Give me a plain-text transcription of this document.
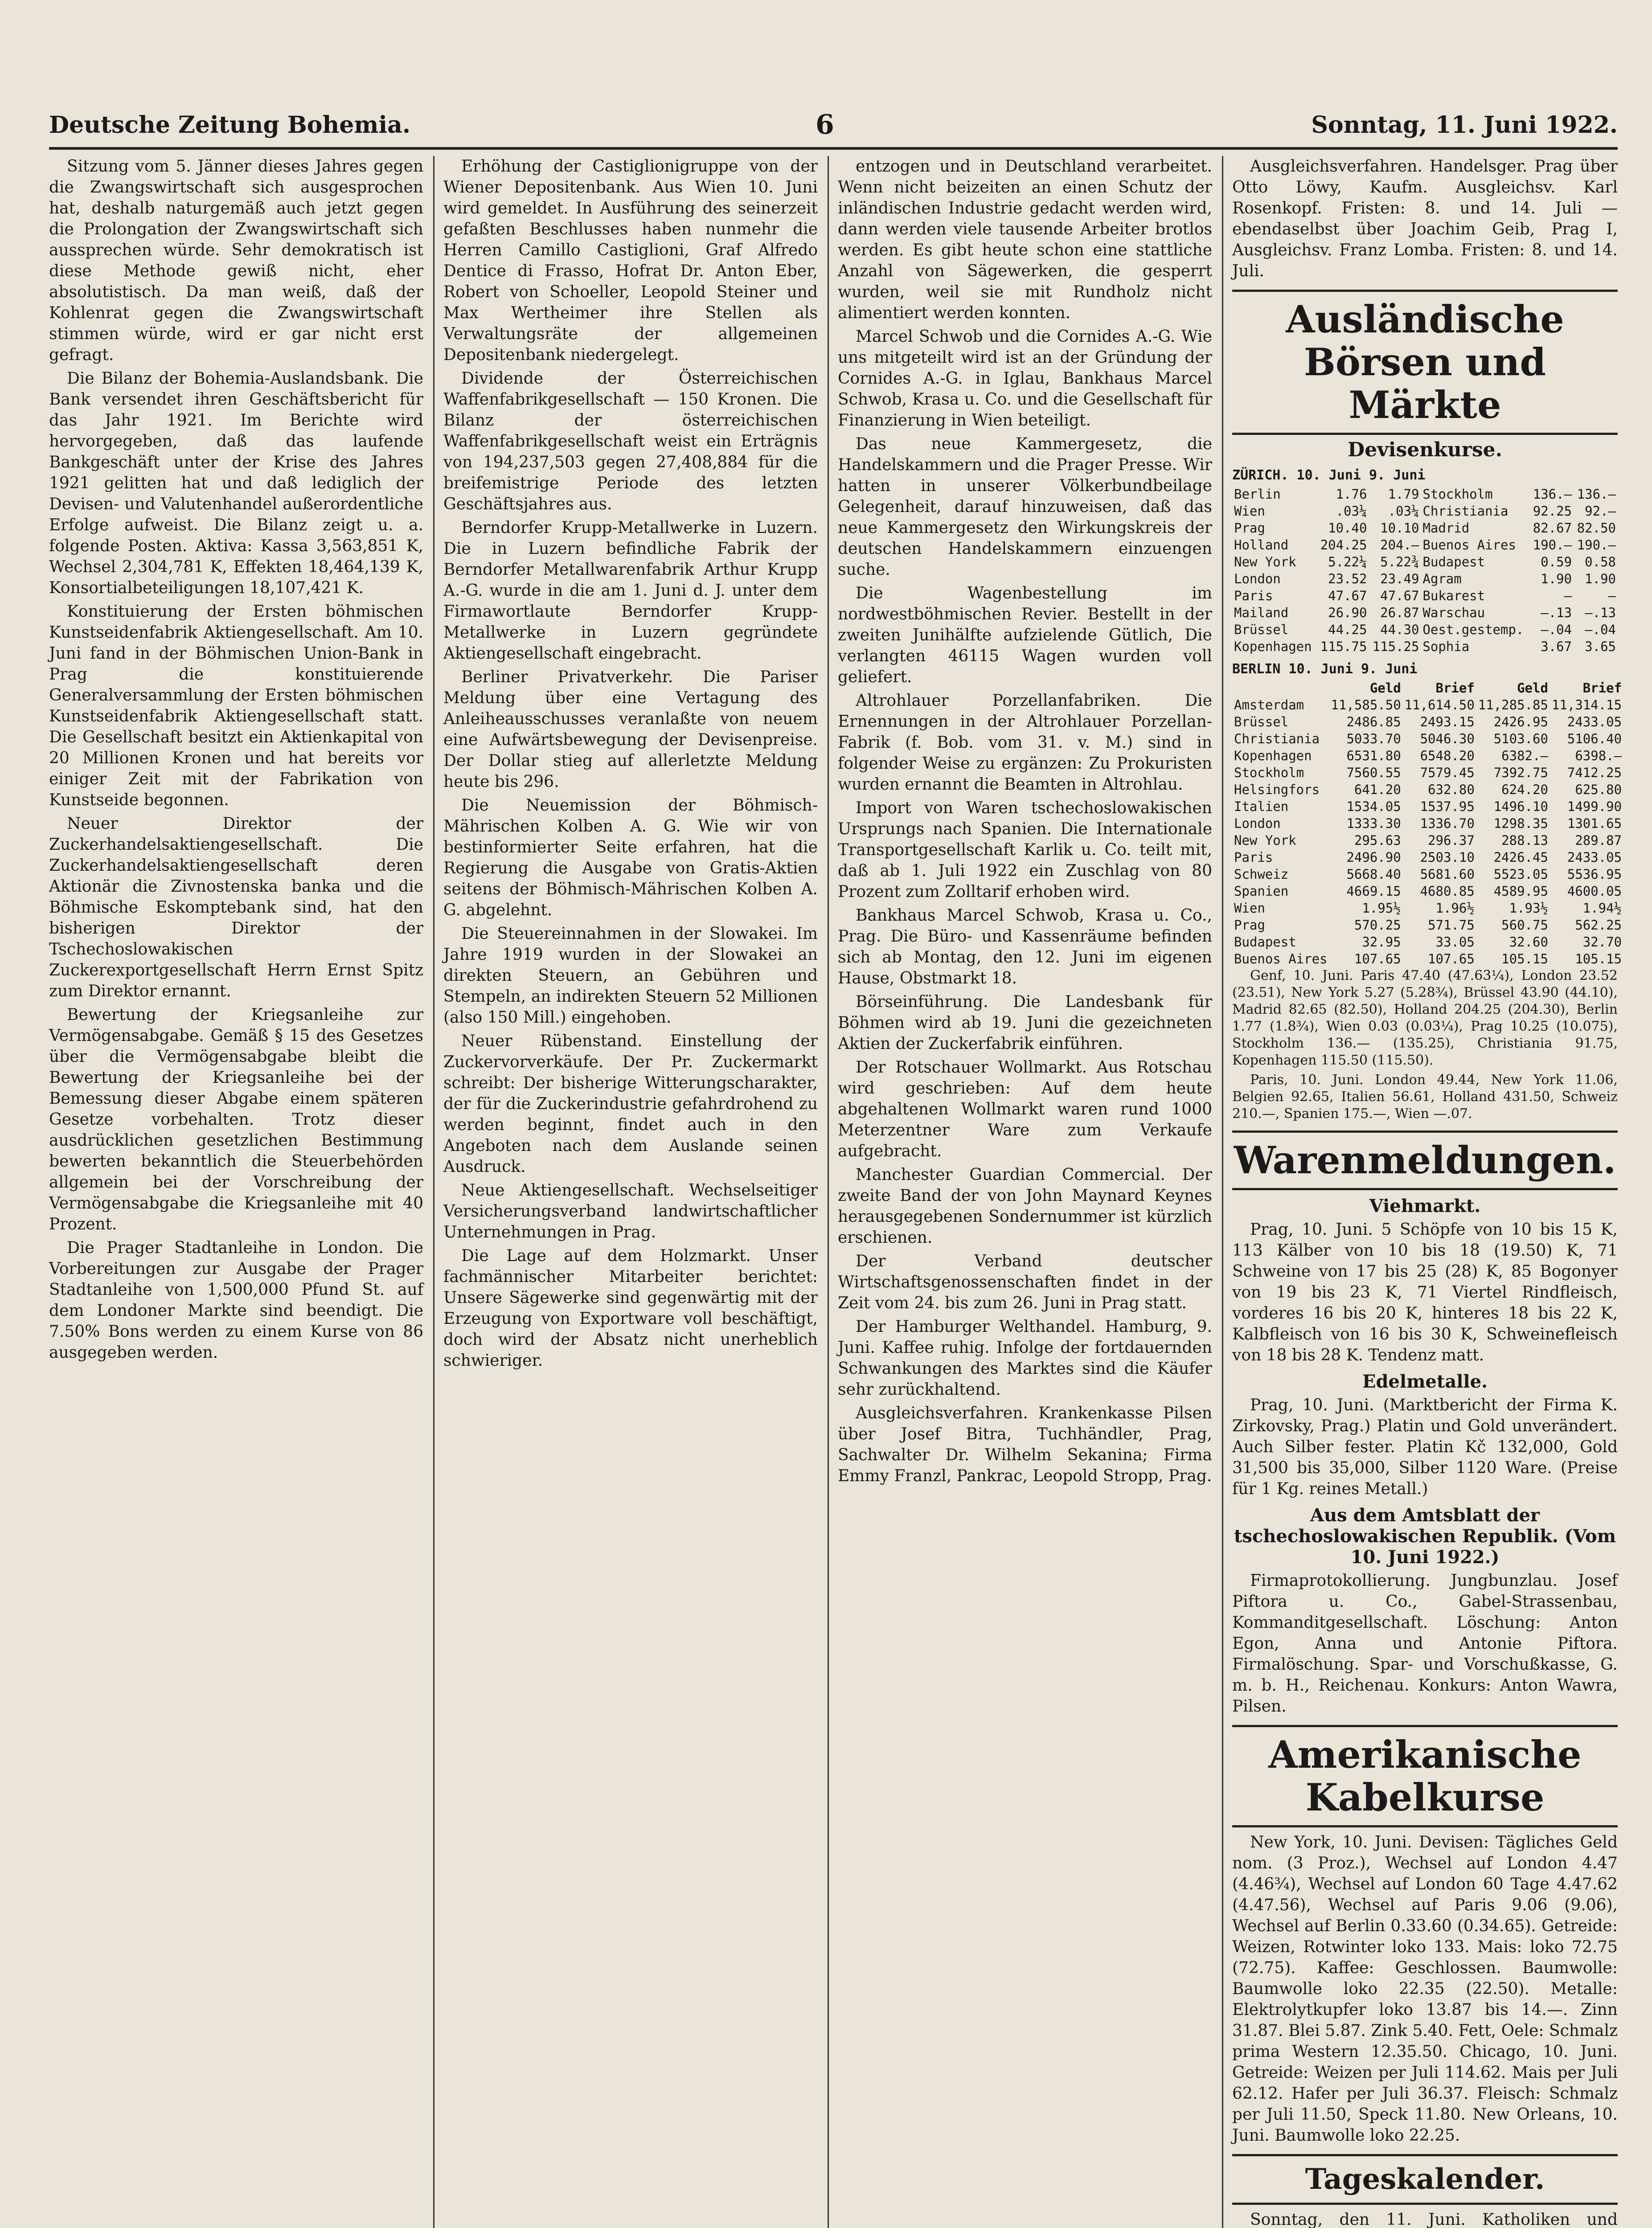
Deutsche Zeitung Bohemia.	6	Sonntag, 11. Juni 1922.

Sitzung vom 5. Jänner dieses Jahres gegen die Zwangswirtschaft sich ausgesprochen hat, deshalb naturgemäß auch jetzt gegen die Prolongation der Zwangswirtschaft sich aussprechen würde. Sehr demokratisch ist diese Methode gewiß nicht, eher absolutistisch. Da man weiß, daß der Kohlenrat gegen die Zwangswirtschaft stimmen würde, wird er gar nicht erst gefragt.

Die Bilanz der Bohemia-Auslandsbank. Die Bank versendet ihren Geschäftsbericht für das Jahr 1921. Im Berichte wird hervorgegeben, daß das laufende Bankgeschäft unter der Krise des Jahres 1921 gelitten hat und daß lediglich der Devisen- und Valutenhandel außerordentliche Erfolge aufweist. Die Bilanz zeigt u. a. folgende Posten. Aktiva: Kassa 3,563,851 K, Wechsel 2,304,781 K, Effekten 18,464,139 K, Konsortialbeteiligungen 18,107,421 K.

Konstituierung der Ersten böhmischen Kunstseidenfabrik Aktiengesellschaft. Am 10. Juni fand in der Böhmischen Union-Bank in Prag die konstituierende Generalversammlung der Ersten böhmischen Kunstseidenfabrik Aktiengesellschaft statt. Die Gesellschaft besitzt ein Aktienkapital von 20 Millionen Kronen und hat bereits vor einiger Zeit mit der Fabrikation von Kunstseide begonnen.

Neuer Direktor der Zuckerhandelsaktiengesellschaft. Die Zuckerhandelsaktiengesellschaft deren Aktionär die Zivnostenska banka und die Böhmische Eskomptebank sind, hat den bisherigen Direktor der Tschechoslowakischen Zuckerexportgesellschaft Herrn Ernst Spitz zum Direktor ernannt.

Bewertung der Kriegsanleihe zur Vermögensabgabe. Gemäß § 15 des Gesetzes über die Vermögensabgabe bleibt die Bewertung der Kriegsanleihe bei der Bemessung dieser Abgabe einem späteren Gesetze vorbehalten. Trotz dieser ausdrücklichen gesetzlichen Bestimmung bewerten bekanntlich die Steuerbehörden allgemein bei der Vorschreibung der Vermögensabgabe die Kriegsanleihe mit 40 Prozent.

Die Prager Stadtanleihe in London. Die Vorbereitungen zur Ausgabe der Prager Stadtanleihe von 1,500,000 Pfund St. auf dem Londoner Markte sind beendigt. Die 7.50% Bons werden zu einem Kurse von 86 ausgegeben werden.

Erhöhung der Castiglionigruppe von der Wiener Depositenbank. Aus Wien 10. Juni wird gemeldet. In Ausführung des seinerzeit gefaßten Beschlusses haben nunmehr die Herren Camillo Castiglioni, Graf Alfredo Dentice di Frasso, Hofrat Dr. Anton Eber, Robert von Schoeller, Leopold Steiner und Max Wertheimer ihre Stellen als Verwaltungsräte der allgemeinen Depositenbank niedergelegt.

Dividende der Österreichischen Waffenfabrikgesellschaft — 150 Kronen. Die Bilanz der österreichischen Waffenfabrikgesellschaft weist ein Erträgnis von 194,237,503 gegen 27,408,884 für die breifemistrige Periode des letzten Geschäftsjahres aus.

Berndorfer Krupp-Metallwerke in Luzern. Die in Luzern befindliche Fabrik der Berndorfer Metallwarenfabrik Arthur Krupp A.-G. wurde in die am 1. Juni d. J. unter dem Firmawortlaute Berndorfer Krupp-Metallwerke in Luzern gegründete Aktiengesellschaft eingebracht.

Berliner Privatverkehr. Die Pariser Meldung über eine Vertagung des Anleiheausschusses veranlaßte von neuem eine Aufwärtsbewegung der Devisenpreise. Der Dollar stieg auf allerletzte Meldung heute bis 296.

Die Neuemission der Böhmisch-Mährischen Kolben A. G. Wie wir von bestinformierter Seite erfahren, hat die Regierung die Ausgabe von Gratis-Aktien seitens der Böhmisch-Mährischen Kolben A. G. abgelehnt.

Die Steuereinnahmen in der Slowakei. Im Jahre 1919 wurden in der Slowakei an direkten Steuern, an Gebühren und Stempeln, an indirekten Steuern 52 Millionen (also 150 Mill.) eingehoben.

Neuer Rübenstand. Einstellung der Zuckervorverkäufe. Der Pr. Zuckermarkt schreibt: Der bisherige Witterungscharakter, der für die Zuckerindustrie gefahrdrohend zu werden beginnt, findet auch in den Angeboten nach dem Auslande seinen Ausdruck.

Neue Aktiengesellschaft. Wechselseitiger Versicherungsverband landwirtschaftlicher Unternehmungen in Prag.

Die Lage auf dem Holzmarkt. Unser fachmännischer Mitarbeiter berichtet: Unsere Sägewerke sind gegenwärtig mit der Erzeugung von Exportware voll beschäftigt, doch wird der Absatz nicht unerheblich schwieriger.

entzogen und in Deutschland verarbeitet. Wenn nicht beizeiten an einen Schutz der inländischen Industrie gedacht werden wird, dann werden viele tausende Arbeiter brotlos werden. Es gibt heute schon eine stattliche Anzahl von Sägewerken, die gesperrt wurden, weil sie mit Rundholz nicht alimentiert werden konnten.

Marcel Schwob und die Cornides A.-G. Wie uns mitgeteilt wird ist an der Gründung der Cornides A.-G. in Iglau, Bankhaus Marcel Schwob, Krasa u. Co. und die Gesellschaft für Finanzierung in Wien beteiligt.

Das neue Kammergesetz, die Handelskammern und die Prager Presse. Wir hatten in unserer Völkerbundbeilage Gelegenheit, darauf hinzuweisen, daß das neue Kammergesetz den Wirkungskreis der deutschen Handelskammern einzuengen suche.

Die Wagenbestellung im nordwestböhmischen Revier. Bestellt in der zweiten Junihälfte aufzielende Gütlich, Die verlangten 46115 Wagen wurden voll geliefert.

Altrohlauer Porzellanfabriken. Die Ernennungen in der Altrohlauer Porzellan-Fabrik (f. Bob. vom 31. v. M.) sind in folgender Weise zu ergänzen: Zu Prokuristen wurden ernannt die Beamten in Altrohlau.

Import von Waren tschechoslowakischen Ursprungs nach Spanien. Die Internationale Transportgesellschaft Karlik u. Co. teilt mit, daß ab 1. Juli 1922 ein Zuschlag von 80 Prozent zum Zolltarif erhoben wird.

Bankhaus Marcel Schwob, Krasa u. Co., Prag. Die Büro- und Kassenräume befinden sich ab Montag, den 12. Juni im eigenen Hause, Obstmarkt 18.

Börseinführung. Die Landesbank für Böhmen wird ab 19. Juni die gezeichneten Aktien der Zuckerfabrik einführen.

Der Rotschauer Wollmarkt. Aus Rotschau wird geschrieben: Auf dem heute abgehaltenen Wollmarkt waren rund 1000 Meterzentner Ware zum Verkaufe aufgebracht.

Manchester Guardian Commercial. Der zweite Band der von John Maynard Keynes herausgegebenen Sondernummer ist kürzlich erschienen.

Der Verband deutscher Wirtschaftsgenossenschaften findet in der Zeit vom 24. bis zum 26. Juni in Prag statt.

Der Hamburger Welthandel. Hamburg, 9. Juni. Kaffee ruhig. Infolge der fortdauernden Schwankungen des Marktes sind die Käufer sehr zurückhaltend.

Ausgleichsverfahren. Krankenkasse Pilsen über Josef Bitra, Tuchhändler, Prag, Sachwalter Dr. Wilhelm Sekanina; Firma Emmy Franzl, Pankrac, Leopold Stropp, Prag.

Ausgleichsverfahren. Handelsger. Prag über Otto Löwy, Kaufm. Ausgleichsv. Karl Rosenkopf. Fristen: 8. und 14. Juli — ebendaselbst über Joachim Geib, Prag I, Ausgleichsv. Franz Lomba. Fristen: 8. und 14. Juli.

Ausländische Börsen und Märkte
Devisenkurse.
ZÜRICH. 10. Juni 9. Juni
Berlin	1.76	1.79	Stockholm	136.—	136.—
Wien	.03¼	.03¼	Christiania	92.25	92.—
Prag	10.40	10.10	Madrid	82.67	82.50
Holland	204.25	204.—	Buenos Aires	190.—	190.—
New York	5.22¼	5.22¾	Budapest	0.59	0.58
London	23.52	23.49	Agram	1.90	1.90
Paris	47.67	47.67	Bukarest	—	—
Mailand	26.90	26.87	Warschau	—.13	—.13
Brüssel	44.25	44.30	Oest.gestemp.	—.04	—.04
Kopenhagen	115.75	115.25	Sophia	3.67	3.65
BERLIN 10. Juni 9. Juni
	Geld	Brief	Geld	Brief
Amsterdam	11,585.50	11,614.50	11,285.85	11,314.15
Brüssel	2486.85	2493.15	2426.95	2433.05
Christiania	5033.70	5046.30	5103.60	5106.40
Kopenhagen	6531.80	6548.20	6382.—	6398.—
Stockholm	7560.55	7579.45	7392.75	7412.25
Helsingfors	641.20	632.80	624.20	625.80
Italien	1534.05	1537.95	1496.10	1499.90
London	1333.30	1336.70	1298.35	1301.65
New York	295.63	296.37	288.13	289.87
Paris	2496.90	2503.10	2426.45	2433.05
Schweiz	5668.40	5681.60	5523.05	5536.95
Spanien	4669.15	4680.85	4589.95	4600.05
Wien	1.95½	1.96½	1.93½	1.94½
Prag	570.25	571.75	560.75	562.25
Budapest	32.95	33.05	32.60	32.70
Buenos Aires	107.65	107.65	105.15	105.15

Genf, 10. Juni. Paris 47.40 (47.63¼), London 23.52 (23.51), New York 5.27 (5.28¾), Brüssel 43.90 (44.10), Madrid 82.65 (82.50), Holland 204.25 (204.30), Berlin 1.77 (1.8¾), Wien 0.03 (0.03¼), Prag 10.25 (10.075), Stockholm 136.— (135.25), Christiania 91.75, Kopenhagen 115.50 (115.50).

Paris, 10. Juni. London 49.44, New York 11.06, Belgien 92.65, Italien 56.61, Holland 431.50, Schweiz 210.—, Spanien 175.—, Wien —.07.

Warenmeldungen.
Viehmarkt.

Prag, 10. Juni. 5 Schöpfe von 10 bis 15 K, 113 Kälber von 10 bis 18 (19.50) K, 71 Schweine von 17 bis 25 (28) K, 85 Bogonyer von 19 bis 23 K, 71 Viertel Rindfleisch, vorderes 16 bis 20 K, hinteres 18 bis 22 K, Kalbfleisch von 16 bis 30 K, Schweinefleisch von 18 bis 28 K. Tendenz matt.

Edelmetalle.

Prag, 10. Juni. (Marktbericht der Firma K. Zirkovsky, Prag.) Platin und Gold unverändert. Auch Silber fester. Platin Kč 132,000, Gold 31,500 bis 35,000, Silber 1120 Ware. (Preise für 1 Kg. reines Metall.)

Aus dem Amtsblatt der tschechoslowakischen Republik. (Vom 10. Juni 1922.)

Firmaprotokollierung. Jungbunzlau. Josef Piftora u. Co., Gabel-Strassenbau, Kommanditgesellschaft. Löschung: Anton Egon, Anna und Antonie Piftora. Firmalöschung. Spar- und Vorschußkasse, G. m. b. H., Reichenau. Konkurs: Anton Wawra, Pilsen.

Amerikanische Kabelkurse

New York, 10. Juni. Devisen: Tägliches Geld nom. (3 Proz.), Wechsel auf London 4.47 (4.46¾), Wechsel auf London 60 Tage 4.47.62 (4.47.56), Wechsel auf Paris 9.06 (9.06), Wechsel auf Berlin 0.33.60 (0.34.65). Getreide: Weizen, Rotwinter loko 133. Mais: loko 72.75 (72.75). Kaffee: Geschlossen. Baumwolle: Baumwolle loko 22.35 (22.50). Metalle: Elektrolytkupfer loko 13.87 bis 14.—. Zinn 31.87. Blei 5.87. Zink 5.40. Fett, Oele: Schmalz prima Western 12.35.50. Chicago, 10. Juni. Getreide: Weizen per Juli 114.62. Mais per Juli 62.12. Hafer per Juli 36.37. Fleisch: Schmalz per Juli 11.50, Speck 11.80. New Orleans, 10. Juni. Baumwolle loko 22.25.

Tageskalender.

Sonntag, den 11. Juni. Katholiken und
